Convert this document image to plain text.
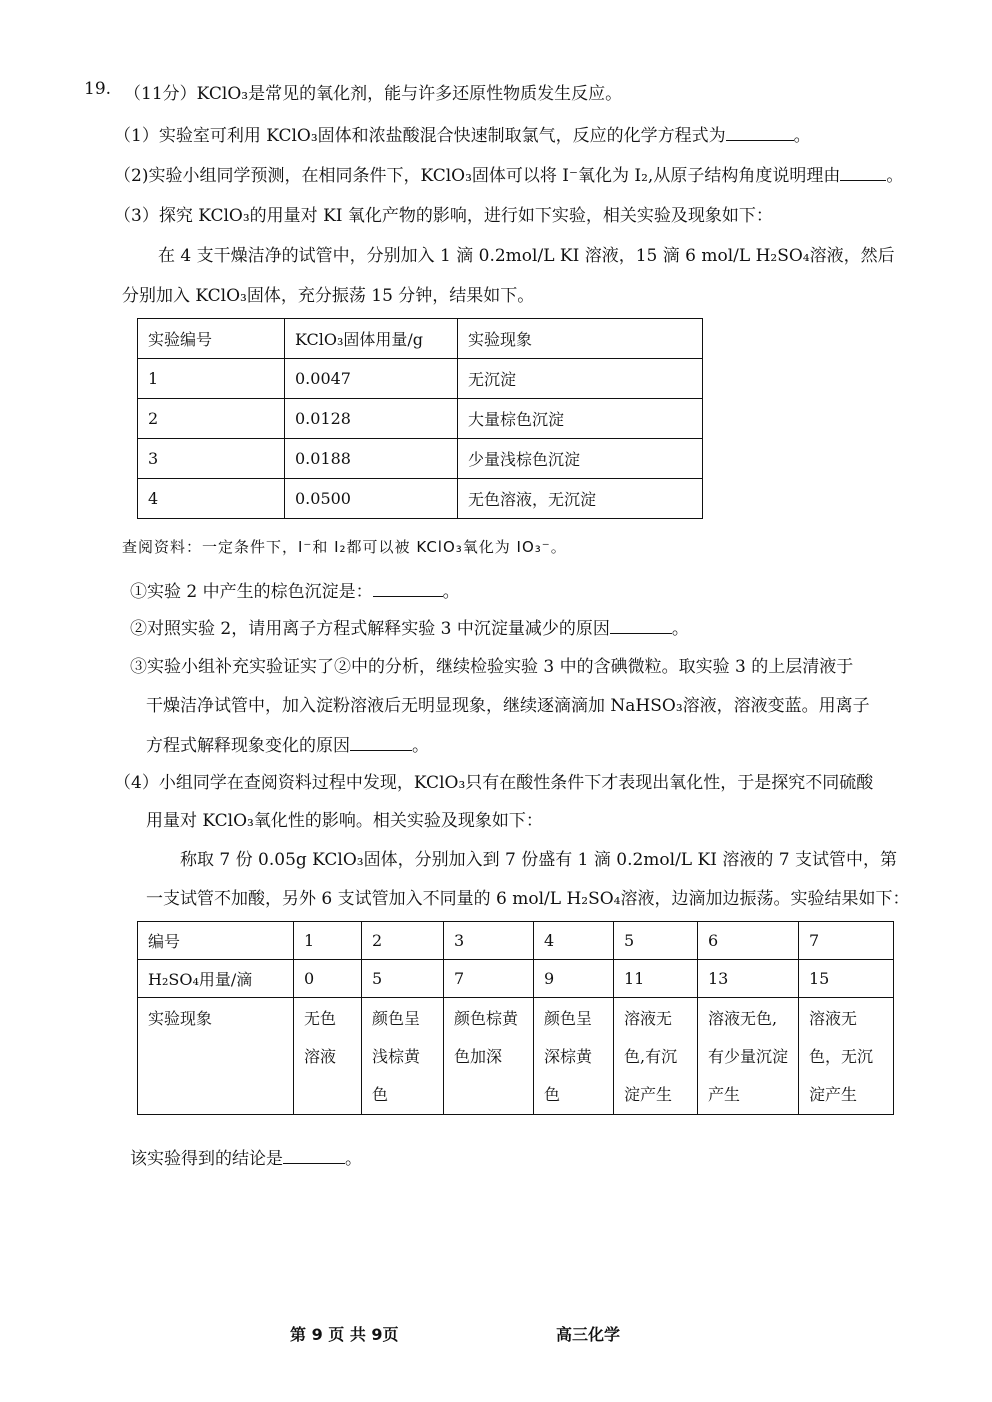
19. （11分）KClO₃是常见的氧化剂，能与许多还原性物质发生反应。
（1）实验室可利用 KClO₃固体和浓盐酸混合快速制取氯气，反应的化学方程式为	。
（2)实验小组同学预测，在相同条件下，KClO₃固体可以将 I⁻氧化为 I₂,从原子结构角度说明理由	。
（3）探究 KClO₃的用量对 KI 氧化产物的影响，进行如下实验，相关实验及现象如下：
在 4 支干燥洁净的试管中，分别加入 1 滴 0.2mol/L KI 溶液，15 滴 6 mol/L H₂SO₄溶液，然后
分别加入 KClO₃固体，充分振荡 15 分钟，结果如下。
实验编号	KClO₃固体用量/g	实验现象
1	0.0047	无沉淀
2	0.0128	大量棕色沉淀
3	0.0188	少量浅棕色沉淀
4	0.0500	无色溶液，无沉淀
查阅资料：一定条件下，I⁻和 I₂都可以被 KClO₃氧化为 IO₃⁻。
①实验 2 中产生的棕色沉淀是：	。
②对照实验 2，请用离子方程式解释实验 3 中沉淀量减少的原因	。
③实验小组补充实验证实了②中的分析，继续检验实验 3 中的含碘微粒。取实验 3 的上层清液于
干燥洁净试管中，加入淀粉溶液后无明显现象，继续逐滴滴加 NaHSO₃溶液，溶液变蓝。用离子
方程式解释现象变化的原因	。
（4）小组同学在查阅资料过程中发现，KClO₃只有在酸性条件下才表现出氧化性，于是探究不同硫酸
用量对 KClO₃氧化性的影响。相关实验及现象如下：
称取 7 份 0.05g KClO₃固体，分别加入到 7 份盛有 1 滴 0.2mol/L KI 溶液的 7 支试管中，第
一支试管不加酸，另外 6 支试管加入不同量的 6 mol/L H₂SO₄溶液，边滴加边振荡。实验结果如下：
编号	1	2	3	4	5	6	7
H₂SO₄用量/滴	0	5	7	9	11	13	15
实验现象	无色溶液	颜色呈浅棕黄色	颜色棕黄色加深	颜色呈深棕黄色	溶液无色,有沉淀产生	溶液无色,有少量沉淀产生	溶液无色，无沉淀产生
该实验得到的结论是	。
第 9 页 共 9页	高三化学
